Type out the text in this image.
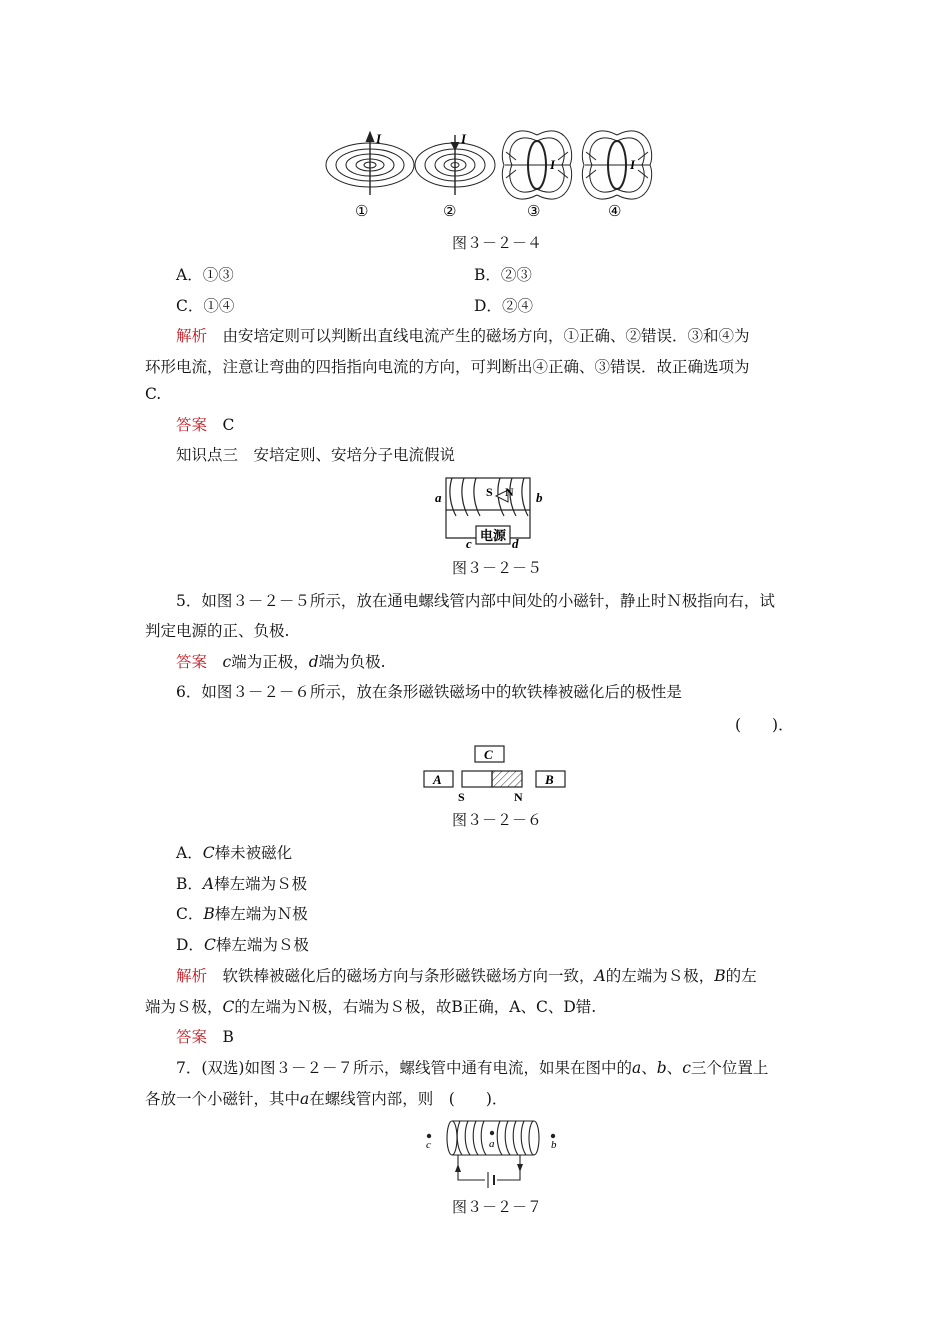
I
①
I
②
I
③
I
④
图３－２－４
A．①③	B．②③
C．①④	D．②④
解析　 由安培定则可以判断出直线电流产生的磁场方向，①正确、②错误．③和④为
环形电流，注意让弯曲的四指指向电流的方向，可判断出④正确、③错误．故正确选项为
C.
答案　 C
知识点三　安培定则、安培分子电流假说
a	b
S N
c	d
电源
图３－２－５
5．如图３－２－５所示，放在通电螺线管内部中间处的小磁针，静止时Ｎ极指向右，试
判定电源的正、负极.
答案　 c端为正极，d端为负极.
6．如图３－２－６所示，放在条形磁铁磁场中的软铁棒被磁化后的极性是
(　　)．
C
A	B
S	N
图３－２－６
A．C棒未被磁化
B．A棒左端为Ｓ极
C．B棒左端为Ｎ极
D．C棒左端为Ｓ极
解析　 软铁棒被磁化后的磁场方向与条形磁铁磁场方向一致，A的左端为Ｓ极，B的左
端为Ｓ极，C的左端为Ｎ极，右端为Ｓ极，故B正确，A、C、D错.
答案　 B
7．(双选)如图３－２－７所示，螺线管中通有电流，如果在图中的a、b、c三个位置上
各放一个小磁针，其中a在螺线管内部，则　(　　)．
c	a	b
图３－２－７
